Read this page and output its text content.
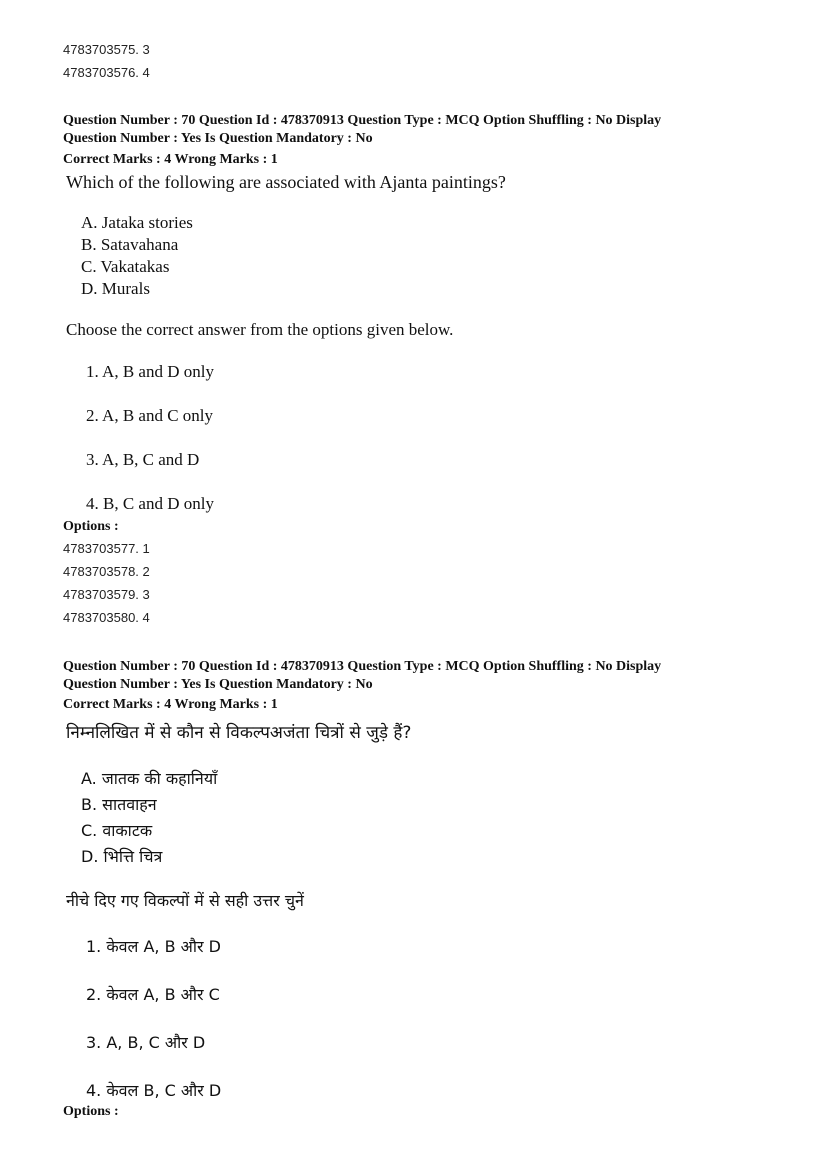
4783703575. 3
4783703576. 4
Question Number : 70 Question Id : 478370913 Question Type : MCQ Option Shuffling : No Display
Question Number : Yes Is Question Mandatory : No
Correct Marks : 4 Wrong Marks : 1
Which of the following are associated with Ajanta paintings?
A. Jataka stories
B. Satavahana
C. Vakatakas
D. Murals
Choose the correct answer from the options given below.
1. A, B and D only
2. A, B and C only
3. A, B, C and D
4. B, C and D only
Options :
4783703577. 1
4783703578. 2
4783703579. 3
4783703580. 4
Question Number : 70 Question Id : 478370913 Question Type : MCQ Option Shuffling : No Display
Question Number : Yes Is Question Mandatory : No
Correct Marks : 4 Wrong Marks : 1
निम्नलिखित में से कौन से विकल्पअजंता चित्रों से जुड़े हैं?
A. जातक की कहानियाँ
B. सातवाहन
C. वाकाटक
D. भित्ति चित्र
नीचे दिए गए विकल्पों में से सही उत्तर चुनें
1. केवल A, B और D
2. केवल A, B और C
3. A, B, C और D
4. केवल B, C और D
Options :
